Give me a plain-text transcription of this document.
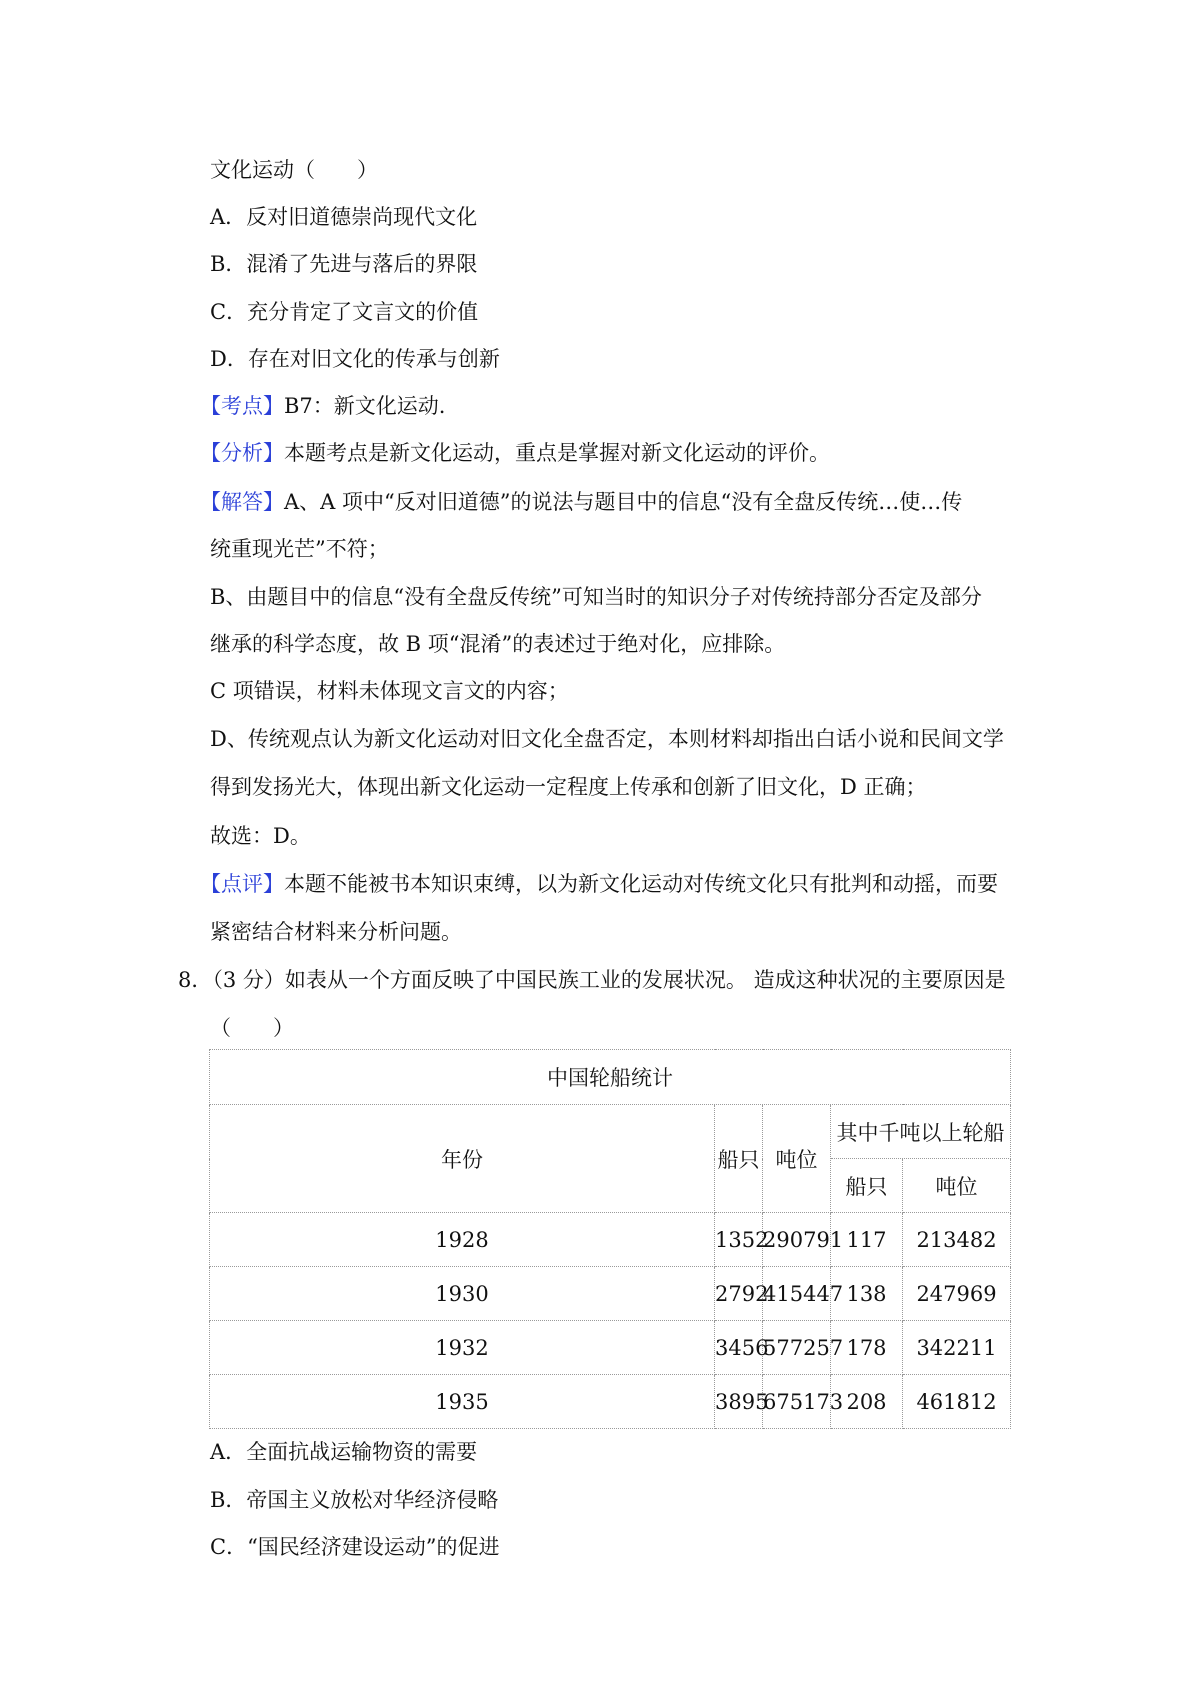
文化运动（　　）
A．反对旧道德崇尚现代文化
B．混淆了先进与落后的界限
C．充分肯定了文言文的价值
D．存在对旧文化的传承与创新
【考点】B7：新文化运动.
【分析】本题考点是新文化运动，重点是掌握对新文化运动的评价。
【解答】A、A 项中“反对旧道德”的说法与题目中的信息“没有全盘反传统…使…传
统重现光芒”不符；
B、由题目中的信息“没有全盘反传统”可知当时的知识分子对传统持部分否定及部分
继承的科学态度，故 B 项“混淆”的表述过于绝对化，应排除。
C 项错误，材料未体现文言文的内容；
D、传统观点认为新文化运动对旧文化全盘否定，本则材料却指出白话小说和民间文学
得到发扬光大，体现出新文化运动一定程度上传承和创新了旧文化，D 正确；
故选：D。
【点评】本题不能被书本知识束缚，以为新文化运动对传统文化只有批判和动摇，而要
紧密结合材料来分析问题。
8．（3 分）如表从一个方面反映了中国民族工业的发展状况。 造成这种状况的主要原因是
（　　）
中国轮船统计				
年份	船只	吨位	其中千吨以上轮船	
			船只	吨位
1928	1352	290791	117	213482
1930	2792	415447	138	247969
1932	3456	577257	178	342211
1935	3895	675173	208	461812
A．全面抗战运输物资的需要
B．帝国主义放松对华经济侵略
C．“国民经济建设运动”的促进
